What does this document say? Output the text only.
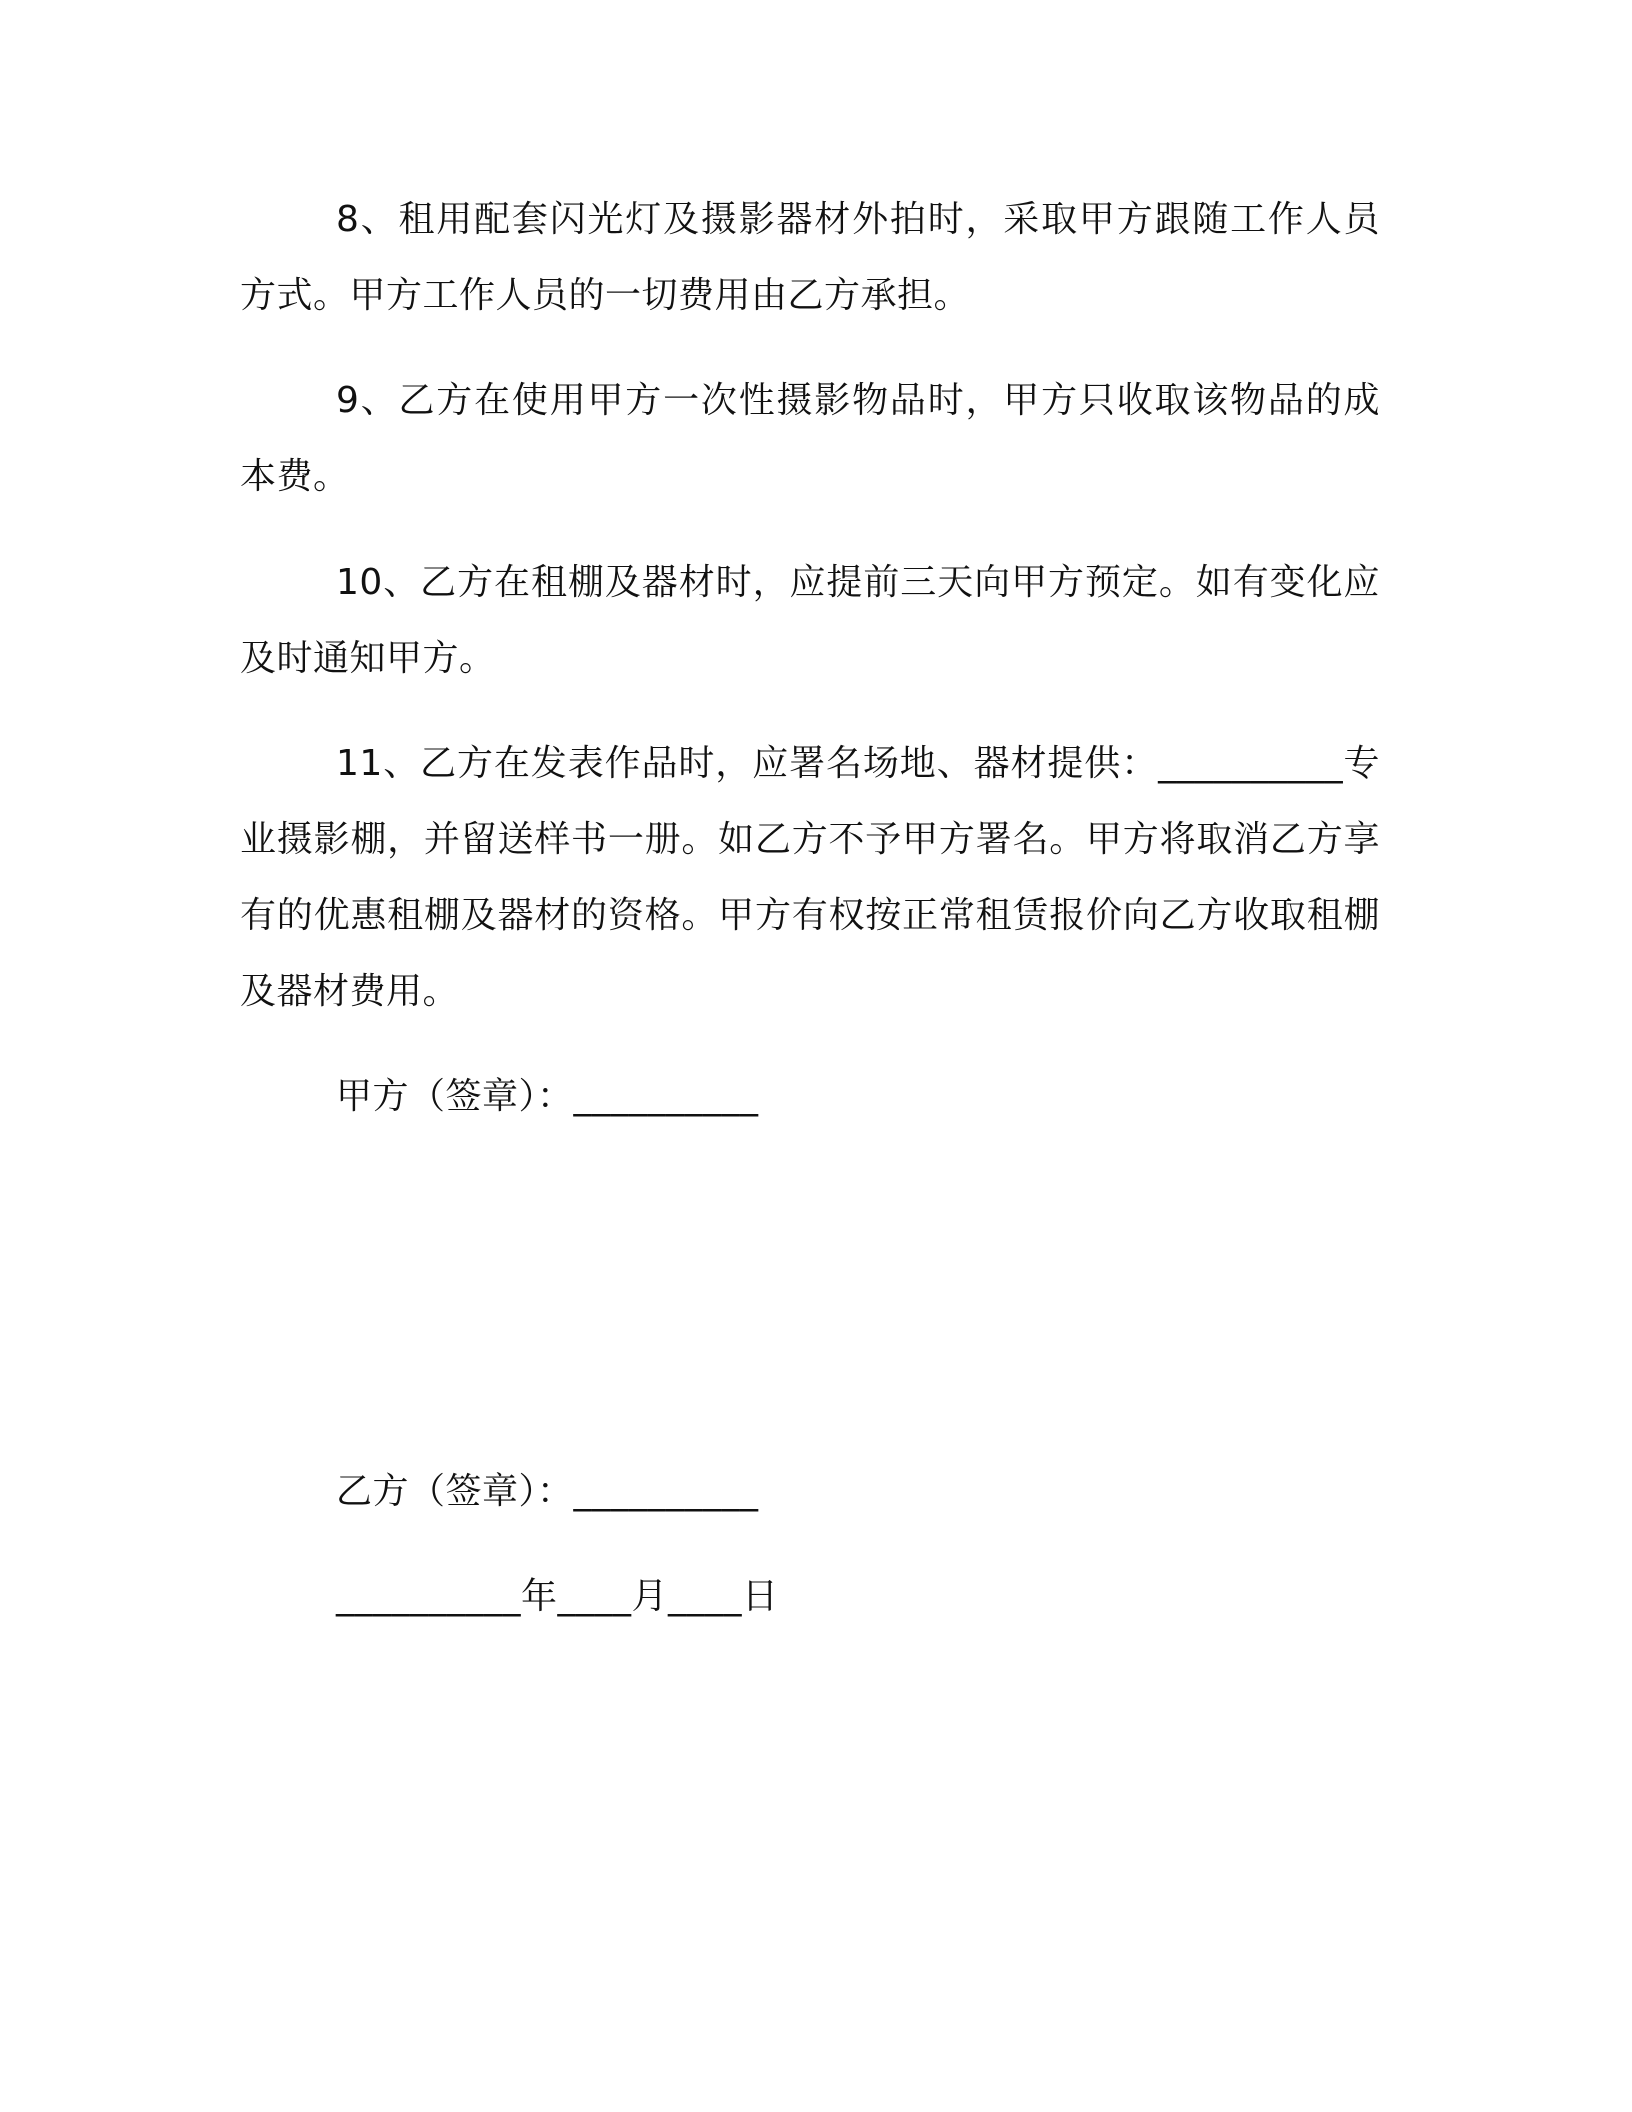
8、租用配套闪光灯及摄影器材外拍时，采取甲方跟随工作人员方式。甲方工作人员的一切费用由乙方承担。

9、乙方在使用甲方一次性摄影物品时，甲方只收取该物品的成本费。

10、乙方在租棚及器材时，应提前三天向甲方预定。如有变化应及时通知甲方。

11、乙方在发表作品时，应署名场地、器材提供：__________专业摄影棚，并留送样书一册。如乙方不予甲方署名。甲方将取消乙方享有的优惠租棚及器材的资格。甲方有权按正常租赁报价向乙方收取租棚及器材费用。

甲方（签章）：__________

乙方（签章）：__________

__________年____月____日
